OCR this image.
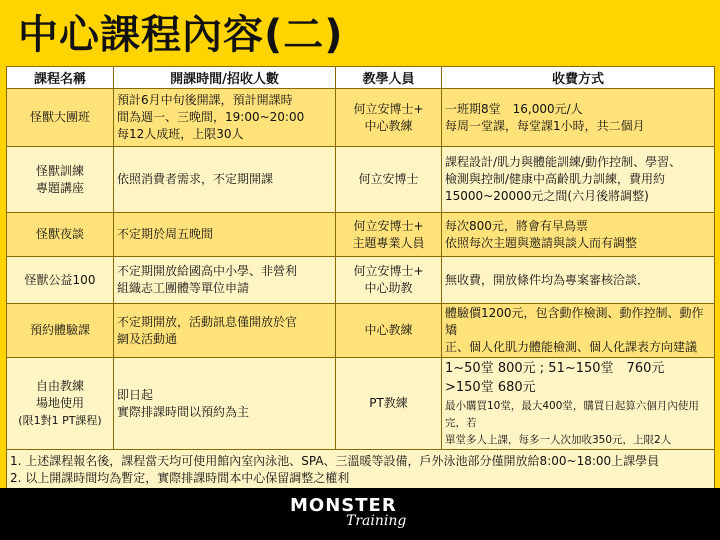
中心課程內容(二)
課程名稱	開課時間/招收人數	教學人員	收費方式
怪獸大團班	預計6月中旬後開課，預計開課時
間為週一、三晚間，19:00~20:00
每12人成班，上限30人	何立安博士+
中心教練	一班期8堂　16,000元/人
每周一堂課，每堂課1小時，共二個月
怪獸訓練
專題講座	依照消費者需求，不定期開課	何立安博士	課程設計/肌力與體能訓練/動作控制、學習、
檢測與控制/健康中高齡肌力訓練，費用約
15000~20000元之間(六月後將調整)
怪獸夜談	不定期於周五晚間	何立安博士+
主題專業人員	每次800元，將會有早鳥票
依照每次主題與邀請與談人而有調整
怪獸公益100	不定期開放給國高中小學、非營利
組織志工團體等單位申請	何立安博士+
中心助教	無收費，開放條件均為專案審核洽談．
預約體驗課	不定期開放，活動訊息僅開放於官
網及活動通	中心教練	體驗價1200元，包含動作檢測、動作控制、動作矯
正、個人化肌力體能檢測、個人化課表方向建議
自由教練
場地使用
(限1對1 PT課程)	即日起
實際排課時間以預約為主	PT教練	1~50堂 800元 ; 51~150堂　760元
>150堂 680元
最小購買10堂，最大400堂，購買日起算六個月內使用完，若
單堂多人上課，每多一人次加收350元，上限2人
1. 上述課程報名後，課程當天均可使用館內室內泳池、SPA、三溫暖等設備，戶外泳池部分僅開放給8:00~18:00上課學員
2. 以上開課時間均為暫定，實際排課時間本中心保留調整之權利			
MONSTER
Training
